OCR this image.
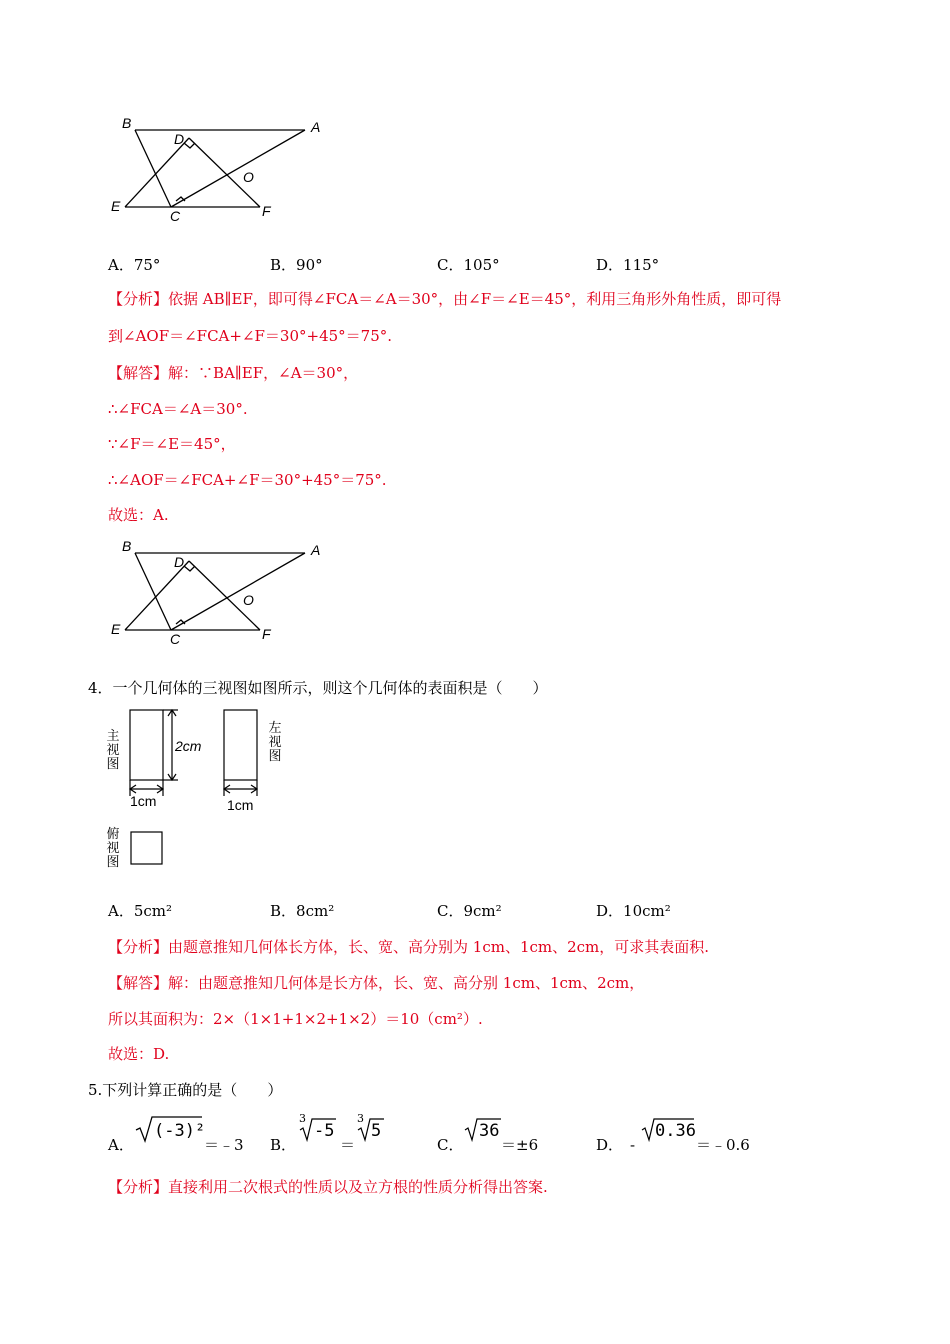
B	A
D
O
E
C	F
A．75°	B．90°	C．105°	D．115°
【分析】依据 AB∥EF，即可得∠FCA＝∠A＝30°，由∠F＝∠E＝45°，利用三角形外角性质，即可得
到∠AOF＝∠FCA+∠F＝30°+45°＝75°.
【解答】解：∵BA∥EF，∠A＝30°，
∴∠FCA＝∠A＝30°.
∵∠F＝∠E＝45°，
∴∠AOF＝∠FCA+∠F＝30°+45°＝75°.
故选：A.
B	A
D
O
E
C	F
4．一个几何体的三视图如图所示，则这个几何体的表面积是（　　）
主
视
图
2cm
1cm	1cm
左
视
图
俯
视
图
A．5cm²	B．8cm²	C．9cm²	D．10cm²
【分析】由题意推知几何体长方体，长、宽、高分别为 1cm、1cm、2cm，可求其表面积.
【解答】解：由题意推知几何体是长方体，长、宽、高分别 1cm、1cm、2cm，
所以其面积为：2×（1×1+1×2+1×2）＝10（cm²）.
故选：D.
5.下列计算正确的是（　　）
A．
(-3)²
＝﹣3 B．
3
-5
＝
3
5
C．
36
＝±6	D． -
0.36
＝﹣0.6
【分析】直接利用二次根式的性质以及立方根的性质分析得出答案.
